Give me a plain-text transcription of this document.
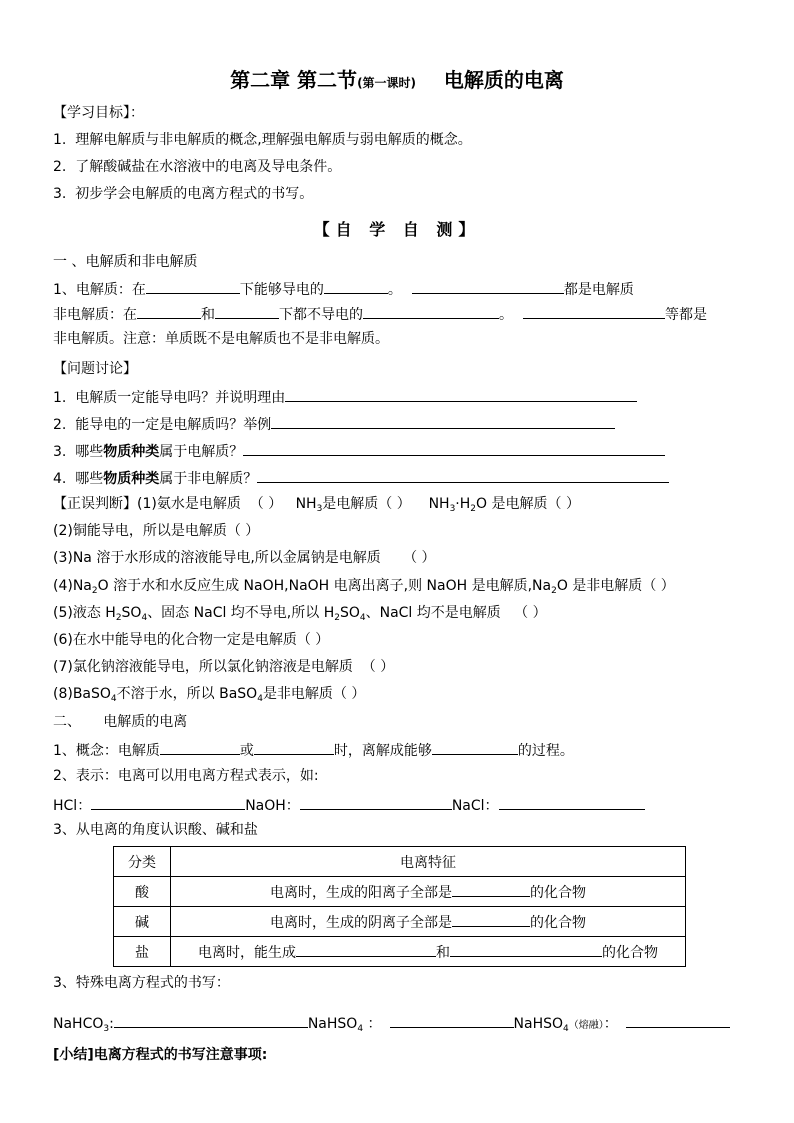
第二章 第二节(第一课时) 电解质的电离
【学习目标】：
1. 理解电解质与非电解质的概念,理解强电解质与弱电解质的概念。
2. 了解酸碱盐在水溶液中的电离及导电条件。
3. 初步学会电解质的电离方程式的书写。
【自 学 自 测】
一 、电解质和非电解质
1、电解质：在	下能够导电的	。	都是电解质
非电解质：在	和	下都不导电的	。	等都是
非电解质。注意：单质既不是电解质也不是非电解质。
【问题讨论】
1. 电解质一定能导电吗？并说明理由
2. 能导电的一定是电解质吗？举例
3. 哪些物质种类属于电解质？
4. 哪些物质种类属于非电解质？
【正误判断】(1)氨水是电解质 （ ） $NH_3$是电解质（ ） $NH_3\cdot H_2O$ 是电解质（ ）
(2)铜能导电，所以是电解质（ ）
(3)Na 溶于水形成的溶液能导电,所以金属钠是电解质 （ ）
$(4)Na_2O$ 溶于水和水反应生成 NaOH,NaOH 电离出离子,则 NaOH 是电解质$,Na_2O$ 是非电解质（ ）
(5)液态 $H_2SO_4$、固态 NaCl 均不导电,所以 $H_2SO_4$、NaCl 均不是电解质 （ ）
(6)在水中能导电的化合物一定是电解质（ ）
(7)氯化钠溶液能导电，所以氯化钠溶液是电解质 （ ）
(8)BaSO$_4$不溶于水，所以 BaSO$_4$是非电解质（ ）
二、 电解质的电离
1、概念：电解质	或	时，离解成能够	的过程。
2、表示：电离可以用电离方程式表示，如:
HCl：	NaOH：	NaCl：
3、从电离的角度认识酸、碱和盐
分类	电离特征
酸	电离时，生成的阳离子全部是 的化合物
碱	电离时，生成的阴离子全部是 的化合物
盐	电离时，能生成 和 的化合物
3、特殊电离方程式的书写：
NaHCO$_3$:	NaHSO$_4$ ：	NaHSO$_4$（熔融）：
[小结]电离方程式的书写注意事项:
